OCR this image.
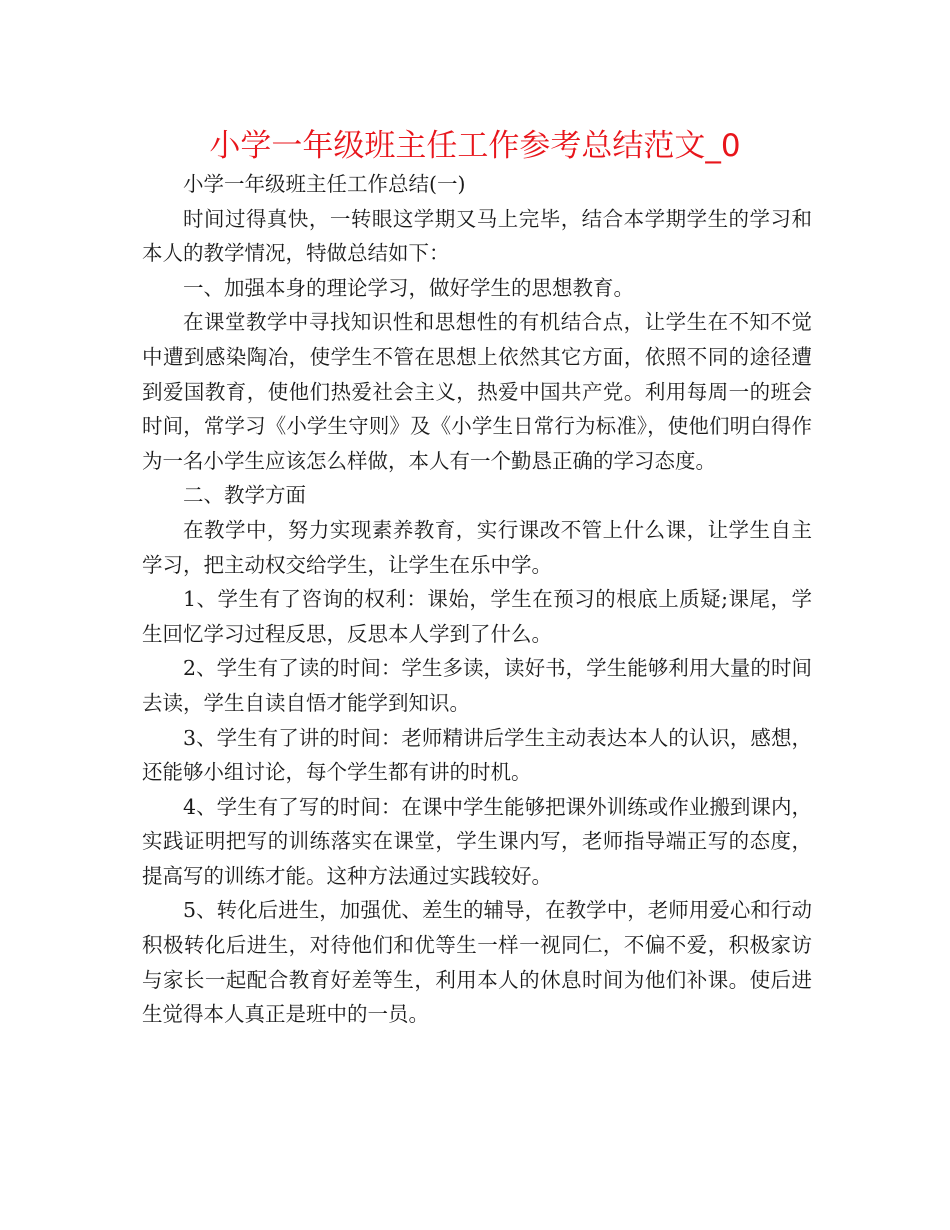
小学一年级班主任工作参考总结范文_0

小学一年级班主任工作总结(一)

时间过得真快，一转眼这学期又马上完毕，结合本学期学生的学习和本人的教学情况，特做总结如下：

一、加强本身的理论学习，做好学生的思想教育。

在课堂教学中寻找知识性和思想性的有机结合点，让学生在不知不觉中遭到感染陶冶，使学生不管在思想上依然其它方面，依照不同的途径遭到爱国教育，使他们热爱社会主义，热爱中国共产党。利用每周一的班会时间，常学习《小学生守则》及《小学生日常行为标准》，使他们明白得作为一名小学生应该怎么样做，本人有一个勤恳正确的学习态度。

二、教学方面

在教学中，努力实现素养教育，实行课改不管上什么课，让学生自主学习，把主动权交给学生，让学生在乐中学。

1、学生有了咨询的权利：课始，学生在预习的根底上质疑;课尾，学生回忆学习过程反思，反思本人学到了什么。

2、学生有了读的时间：学生多读，读好书，学生能够利用大量的时间去读，学生自读自悟才能学到知识。

3、学生有了讲的时间：老师精讲后学生主动表达本人的认识，感想，还能够小组讨论，每个学生都有讲的时机。

4、学生有了写的时间：在课中学生能够把课外训练或作业搬到课内，实践证明把写的训练落实在课堂，学生课内写，老师指导端正写的态度，提高写的训练才能。这种方法通过实践较好。

5、转化后进生，加强优、差生的辅导，在教学中，老师用爱心和行动积极转化后进生，对待他们和优等生一样一视同仁，不偏不爱，积极家访与家长一起配合教育好差等生，利用本人的休息时间为他们补课。使后进生觉得本人真正是班中的一员。
